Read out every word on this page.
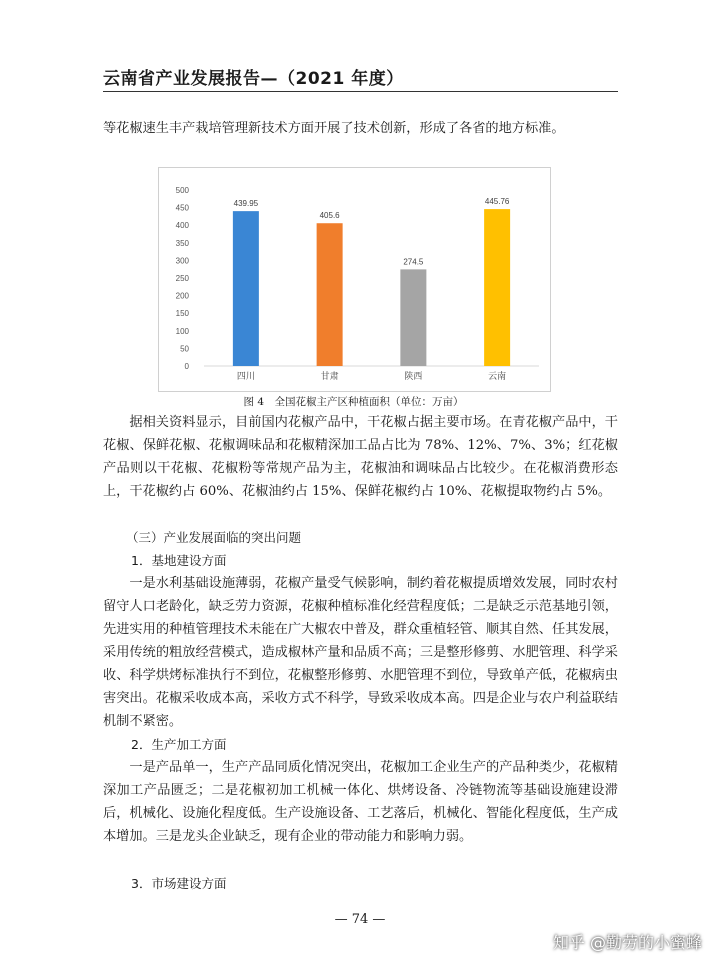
云南省产业发展报告—（2021 年度）
等花椒速生丰产栽培管理新技术方面开展了技术创新，形成了各省的地方标准。
0
50
100
150
200
250
300
350
400
450
500
439.95
四川
405.6
甘肃
274.5
陕西
445.76
云南
图 4　全国花椒主产区种植面积（单位：万亩）
据相关资料显示，目前国内花椒产品中，干花椒占据主要市场。在青花椒产品中，干花椒、保鲜花椒、花椒调味品和花椒精深加工品占比为 78%、12%、7%、3%；红花椒产品则以干花椒、花椒粉等常规产品为主，花椒油和调味品占比较少。在花椒消费形态上，干花椒约占 60%、花椒油约占 15%、保鲜花椒约占 10%、花椒提取物约占 5%。
（三）产业发展面临的突出问题
1．基地建设方面
一是水利基础设施薄弱，花椒产量受气候影响，制约着花椒提质增效发展，同时农村留守人口老龄化，缺乏劳力资源，花椒种植标准化经营程度低；二是缺乏示范基地引领，先进实用的种植管理技术未能在广大椒农中普及，群众重植轻管、顺其自然、任其发展，采用传统的粗放经营模式，造成椒林产量和品质不高；三是整形修剪、水肥管理、科学采收、科学烘烤标准执行不到位，花椒整形修剪、水肥管理不到位，导致单产低，花椒病虫害突出。花椒采收成本高，采收方式不科学，导致采收成本高。四是企业与农户利益联结机制不紧密。
2．生产加工方面
一是产品单一，生产产品同质化情况突出，花椒加工企业生产的产品种类少，花椒精深加工产品匮乏；二是花椒初加工机械一体化、烘烤设备、冷链物流等基础设施建设滞后，机械化、设施化程度低。生产设施设备、工艺落后，机械化、智能化程度低，生产成本增加。三是龙头企业缺乏，现有企业的带动能力和影响力弱。
3．市场建设方面
— 74 —
知乎 @勤劳的小蜜蜂
